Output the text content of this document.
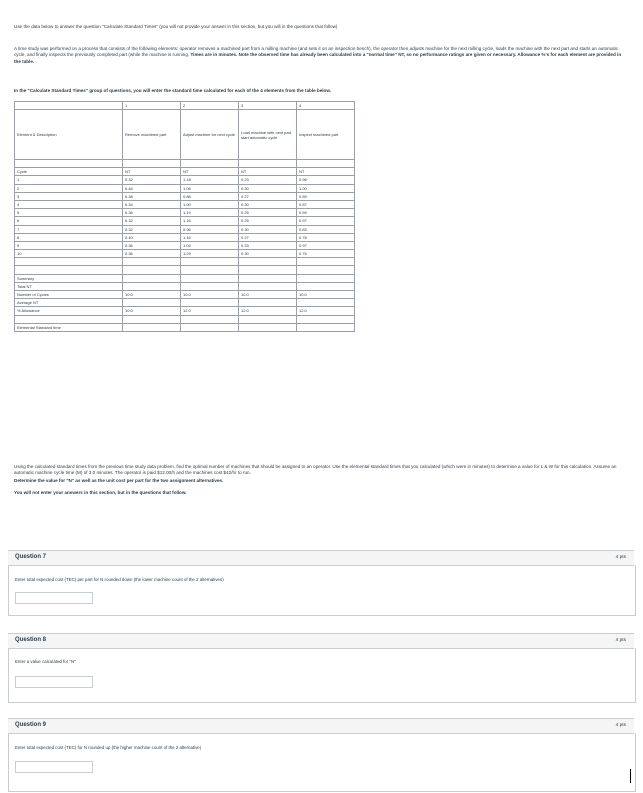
Use the data below to answer the question "Calculate Standard Times" (you will not provide your answer in this section, but you will in the questions that follow)
A time study was performed on a process that consists of the following elements: operator removes a machined part from a milling machine (and sets it on an inspection bench), the operator then adjusts machine for the next milling cycle, loads the machine with the next part and starts an automatic cycle, and finally inspects the previously completed part (while the machine is running. Times are in minutes. Note the observed time has already been calculated into a "normal time" NT, so no performance ratings are given or necessary. Allowance %'s for each element are provided in the table.
In the "Calculate Standard Times" group of questions, you will enter the standard time calculated for each of the 4 elements from the table below.
	1	2	3	4
Element & Description	Remove machined part	Adjust machine for next cycle	Load machine with next part, start automatic cycle	Inspect machined part

Cycle	NT	NT	NT	NT
1	0.32	1.18	0.23	0.96
2	0.46	1.08	0.30	1.00
3	0.38	0.88	0.27	0.89
4	0.34	1.00	0.30	0.87
5	0.36	1.19	0.25	0.59
6	0.32	1.16	0.25	0.97
7	0.32	0.96	0.30	0.83
8	0.40	1.16	0.27	0.78
9	0.36	1.04	0.33	0.97
10	0.36	1.29	0.30	0.76

Summary				
Total NT				
Number of Cycles	10.0	10.0	10.0	10.0
Average NT				
% Allowance	10.0	12.0	12.0	12.0

Elemental Standard time				
Using the calculated standard times from the previous time study data problem, find the optimal number of machines that should be assigned to an operator. Use the elemental standard times that you calculated (which were in minutes) to determine a value for L & W for this calculation. Assume an automatic machine cycle time (M) of 3.0 minutes. The operator is paid $12.00/h and the machines cost $42/hr to run.
Determine the value for "N" as well as the unit cost per part for the two assignment alternatives.
You will not enter your answers in this section, but in the questions that follow.
Question 7	4 pts
Enter total expected cost (TEC) per part for N rounded down (the lower machine count of the 2 alternatives)
Question 8	4 pts
Enter a value calculated for "N"
Question 9	4 pts
Enter total expected cost (TEC) for N rounded up (the higher machine count of the 2 alternative)
